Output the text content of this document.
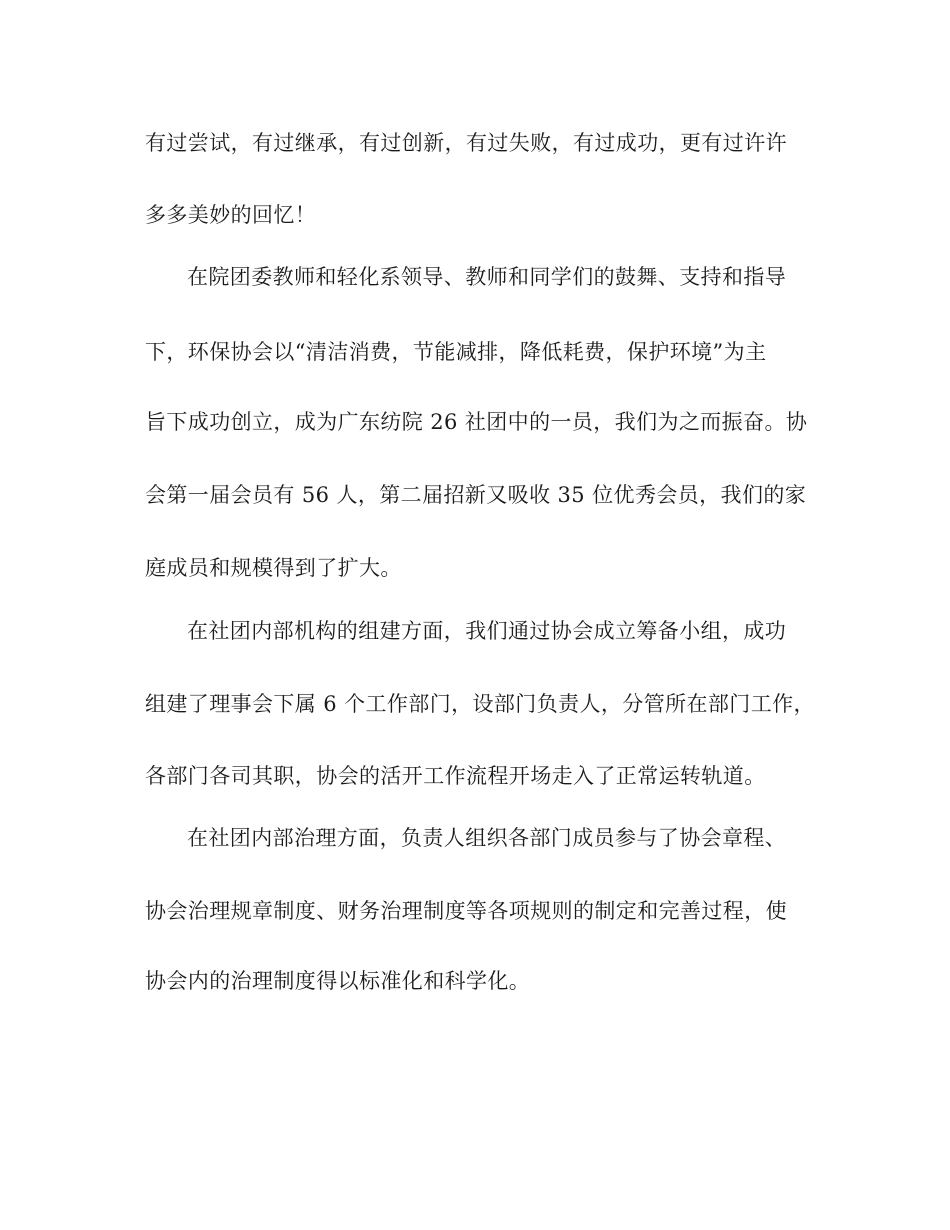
有过尝试，有过继承，有过创新，有过失败，有过成功，更有过许许
多多美妙的回忆！
在院团委教师和轻化系领导、教师和同学们的鼓舞、支持和指导
下，环保协会以“清洁消费，节能减排，降低耗费，保护环境”为主
旨下成功创立，成为广东纺院 26 社团中的一员，我们为之而振奋。协
会第一届会员有 56 人，第二届招新又吸收 35 位优秀会员，我们的家
庭成员和规模得到了扩大。
在社团内部机构的组建方面，我们通过协会成立筹备小组，成功
组建了理事会下属 6 个工作部门，设部门负责人，分管所在部门工作，
各部门各司其职，协会的活开工作流程开场走入了正常运转轨道。
在社团内部治理方面，负责人组织各部门成员参与了协会章程、
协会治理规章制度、财务治理制度等各项规则的制定和完善过程，使
协会内的治理制度得以标准化和科学化。
